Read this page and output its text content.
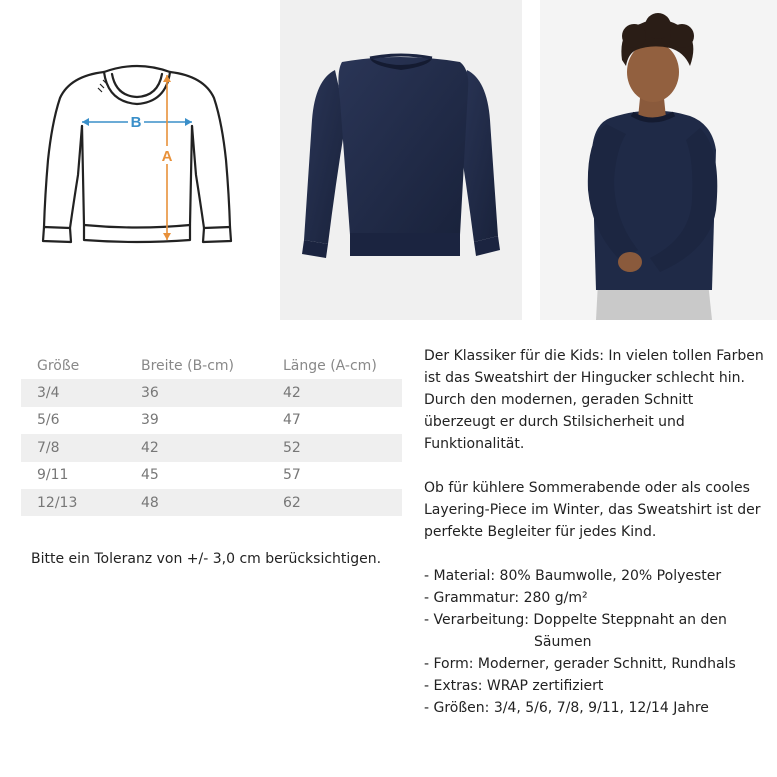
B
A
Größe	Breite (B-cm)	Länge (A-cm)
3/4	36	42
5/6	39	47
7/8	42	52
9/11	45	57
12/13	48	62
Bitte ein Toleranz von +/- 3,0 cm berücksichtigen.

Der Klassiker für die Kids: In vielen tollen Farben ist das Sweatshirt der Hingucker schlecht hin. Durch den modernen, geraden Schnitt überzeugt er durch Stilsicherheit und Funktionalität.

Ob für kühlere Sommerabende oder als cooles Layering-Piece im Winter, das Sweatshirt ist der perfekte Begleiter für jedes Kind.

- Material: 80% Baumwolle, 20% Polyester
- Grammatur: 280 g/m²
- Verarbeitung: Doppelte Steppnaht an den
Säumen
- Form: Moderner, gerader Schnitt, Rundhals
- Extras: WRAP zertifiziert
- Größen: 3/4, 5/6, 7/8, 9/11, 12/14 Jahre
